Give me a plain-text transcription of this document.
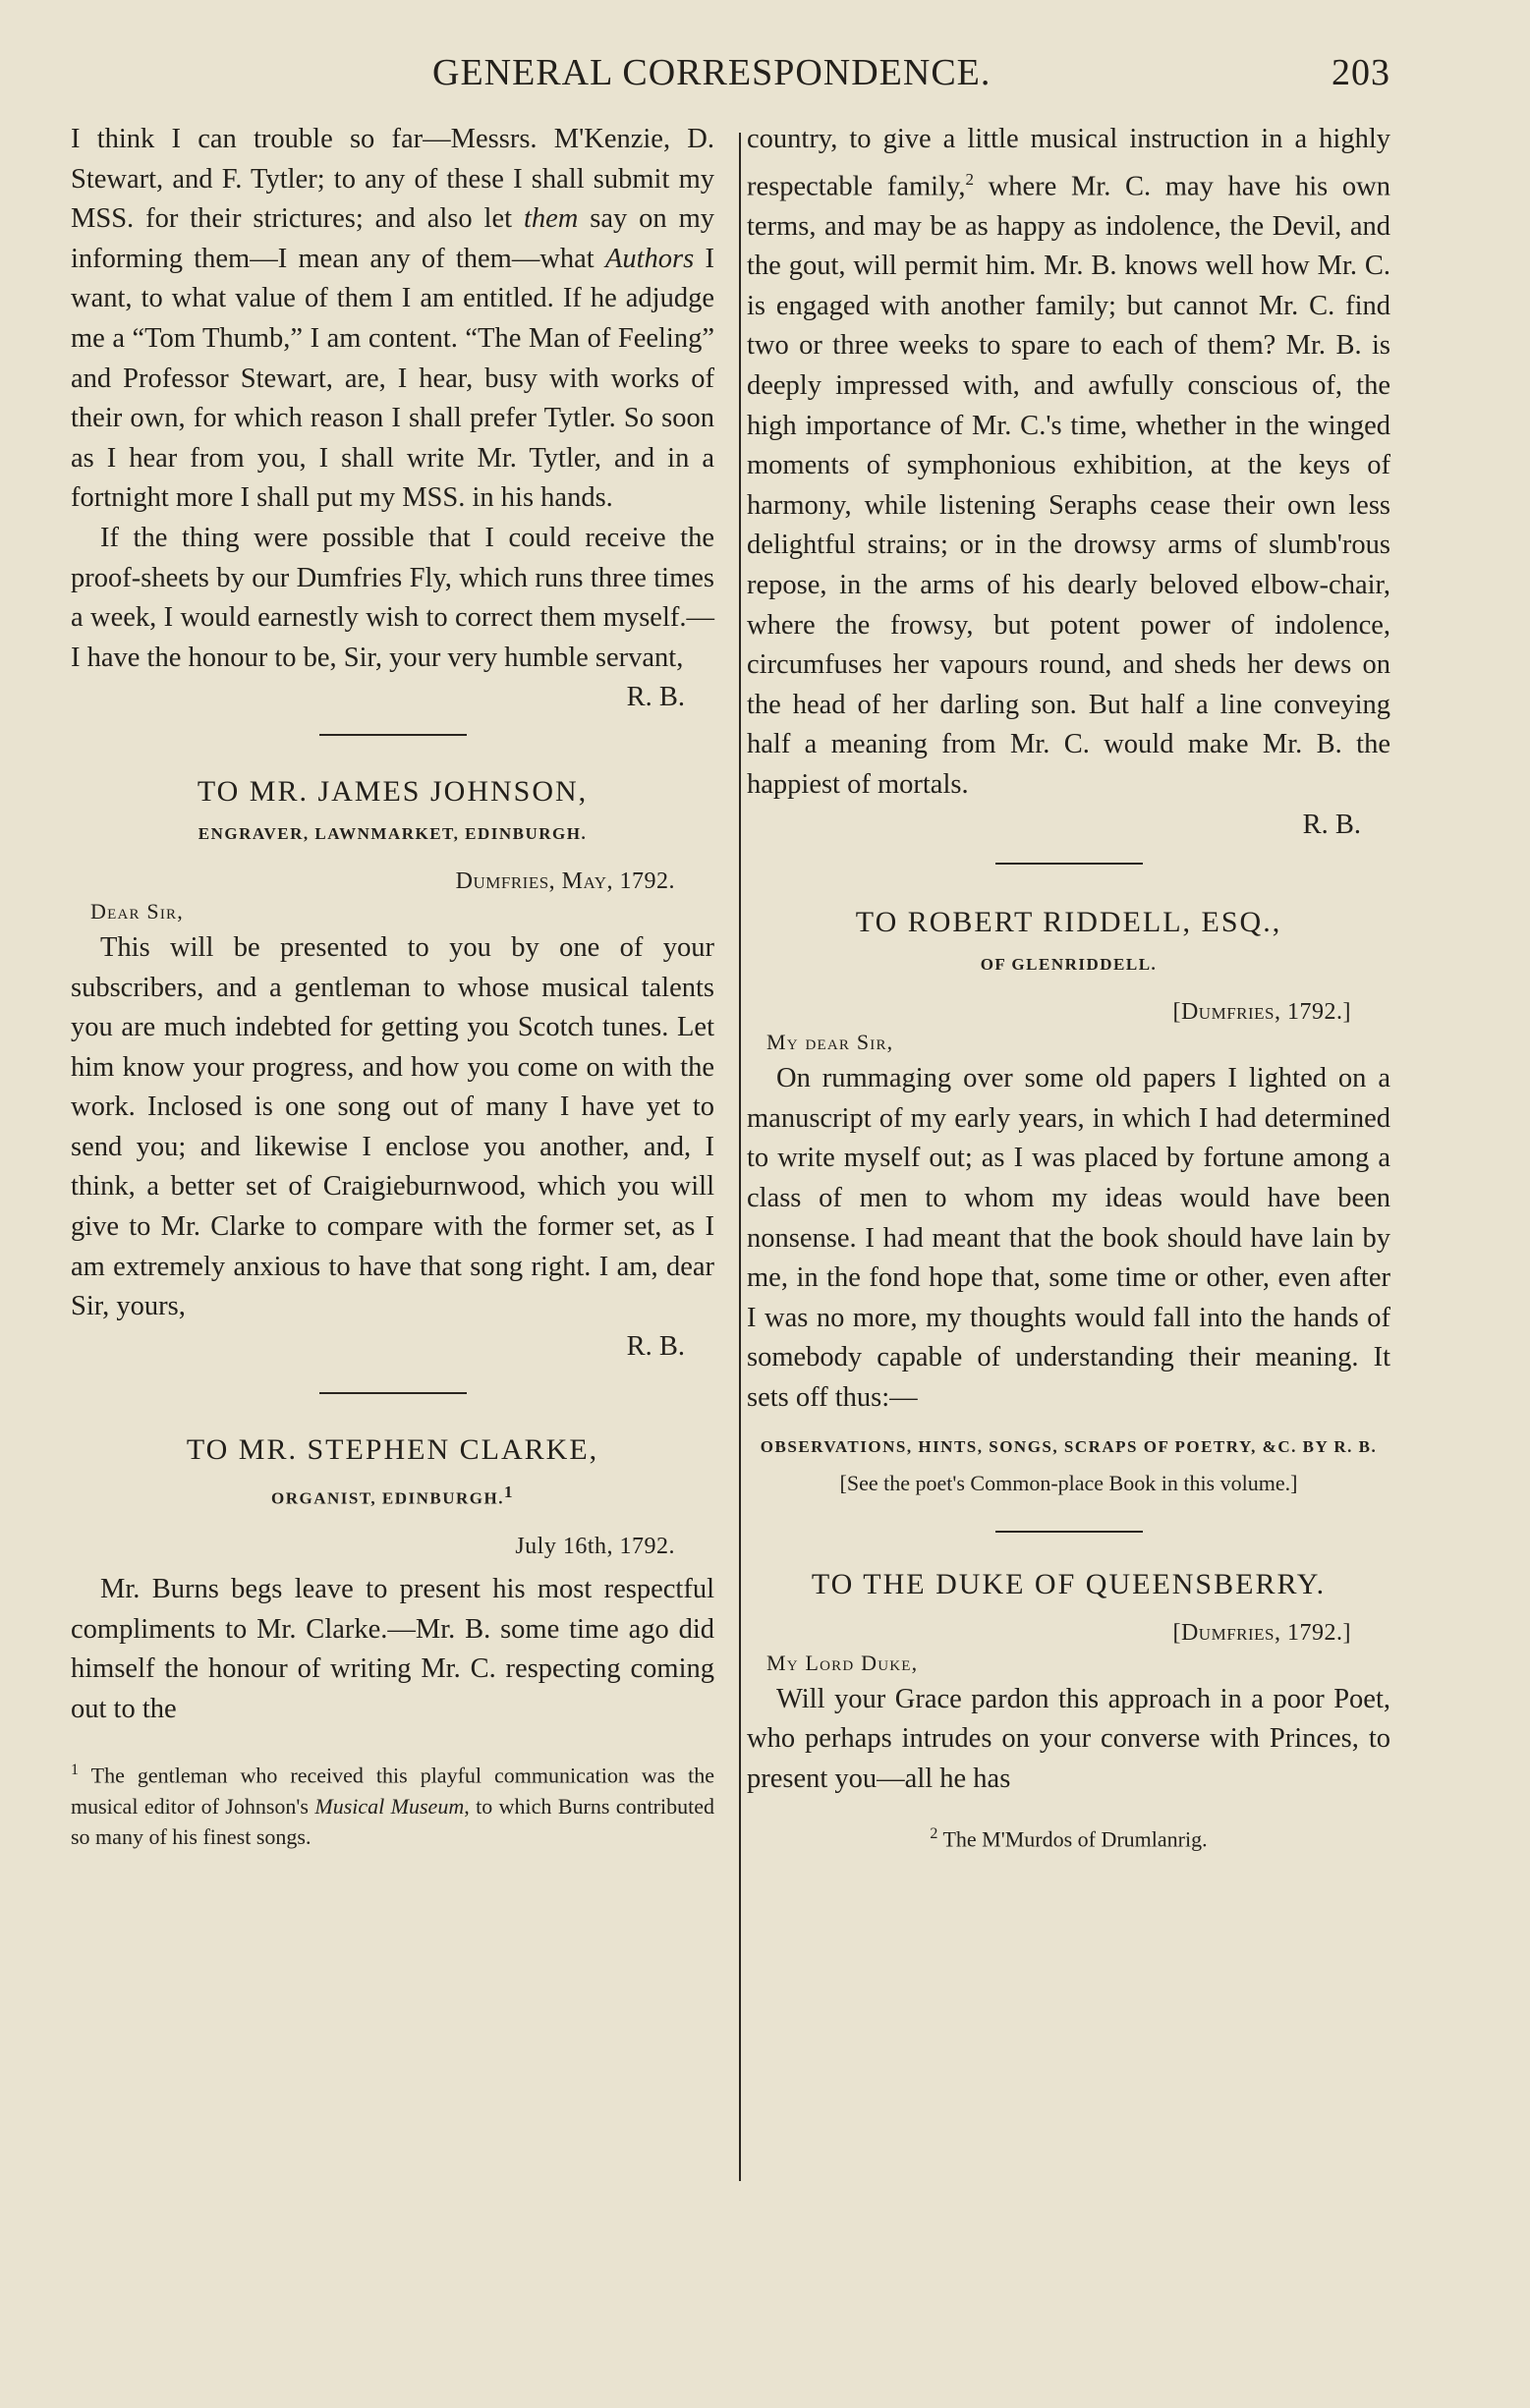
GENERAL CORRESPONDENCE.	203

I think I can trouble so far—Messrs. M'Kenzie, D. Stewart, and F. Tytler; to any of these I shall submit my MSS. for their strictures; and also let them say on my informing them—I mean any of them—what Authors I want, to what value of them I am entitled. If he adjudge me a “Tom Thumb,” I am content. “The Man of Feeling” and Professor Stewart, are, I hear, busy with works of their own, for which reason I shall prefer Tytler. So soon as I hear from you, I shall write Mr. Tytler, and in a fortnight more I shall put my MSS. in his hands.

If the thing were possible that I could receive the proof-sheets by our Dumfries Fly, which runs three times a week, I would earnestly wish to correct them myself.—I have the honour to be, Sir, your very humble servant,

R. B.

TO MR. JAMES JOHNSON,
ENGRAVER, LAWNMARKET, EDINBURGH.
Dumfries, May, 1792.
Dear Sir,

This will be presented to you by one of your subscribers, and a gentleman to whose musical talents you are much indebted for getting you Scotch tunes. Let him know your progress, and how you come on with the work. Inclosed is one song out of many I have yet to send you; and likewise I enclose you another, and, I think, a better set of Craigieburnwood, which you will give to Mr. Clarke to compare with the former set, as I am extremely anxious to have that song right. I am, dear Sir, yours,

R. B.

TO MR. STEPHEN CLARKE,
ORGANIST, EDINBURGH.$^1$
July 16th, 1792.

Mr. Burns begs leave to present his most respectful compliments to Mr. Clarke.—Mr. B. some time ago did himself the honour of writing Mr. C. respecting coming out to the

$^1$ The gentleman who received this playful communication was the musical editor of Johnson's Musical Museum, to which Burns contributed so many of his finest songs.

country, to give a little musical instruction in a highly respectable family,$^2$ where Mr. C. may have his own terms, and may be as happy as indolence, the Devil, and the gout, will permit him. Mr. B. knows well how Mr. C. is engaged with another family; but cannot Mr. C. find two or three weeks to spare to each of them? Mr. B. is deeply impressed with, and awfully conscious of, the high importance of Mr. C.'s time, whether in the winged moments of symphonious exhibition, at the keys of harmony, while listening Seraphs cease their own less delightful strains; or in the drowsy arms of slumb'rous repose, in the arms of his dearly beloved elbow-chair, where the frowsy, but potent power of indolence, circumfuses her vapours round, and sheds her dews on the head of her darling son. But half a line conveying half a meaning from Mr. C. would make Mr. B. the happiest of mortals.

R. B.

TO ROBERT RIDDELL, ESQ.,
OF GLENRIDDELL.
[Dumfries, 1792.]
My dear Sir,

On rummaging over some old papers I lighted on a manuscript of my early years, in which I had determined to write myself out; as I was placed by fortune among a class of men to whom my ideas would have been nonsense. I had meant that the book should have lain by me, in the fond hope that, some time or other, even after I was no more, my thoughts would fall into the hands of somebody capable of understanding their meaning. It sets off thus:—

OBSERVATIONS, HINTS, SONGS, SCRAPS OF POETRY, &C. BY R. B.
[See the poet's Common-place Book in this volume.]
TO THE DUKE OF QUEENSBERRY.
[Dumfries, 1792.]
My Lord Duke,

Will your Grace pardon this approach in a poor Poet, who perhaps intrudes on your converse with Princes, to present you—all he has

$^2$ The M'Murdos of Drumlanrig.
